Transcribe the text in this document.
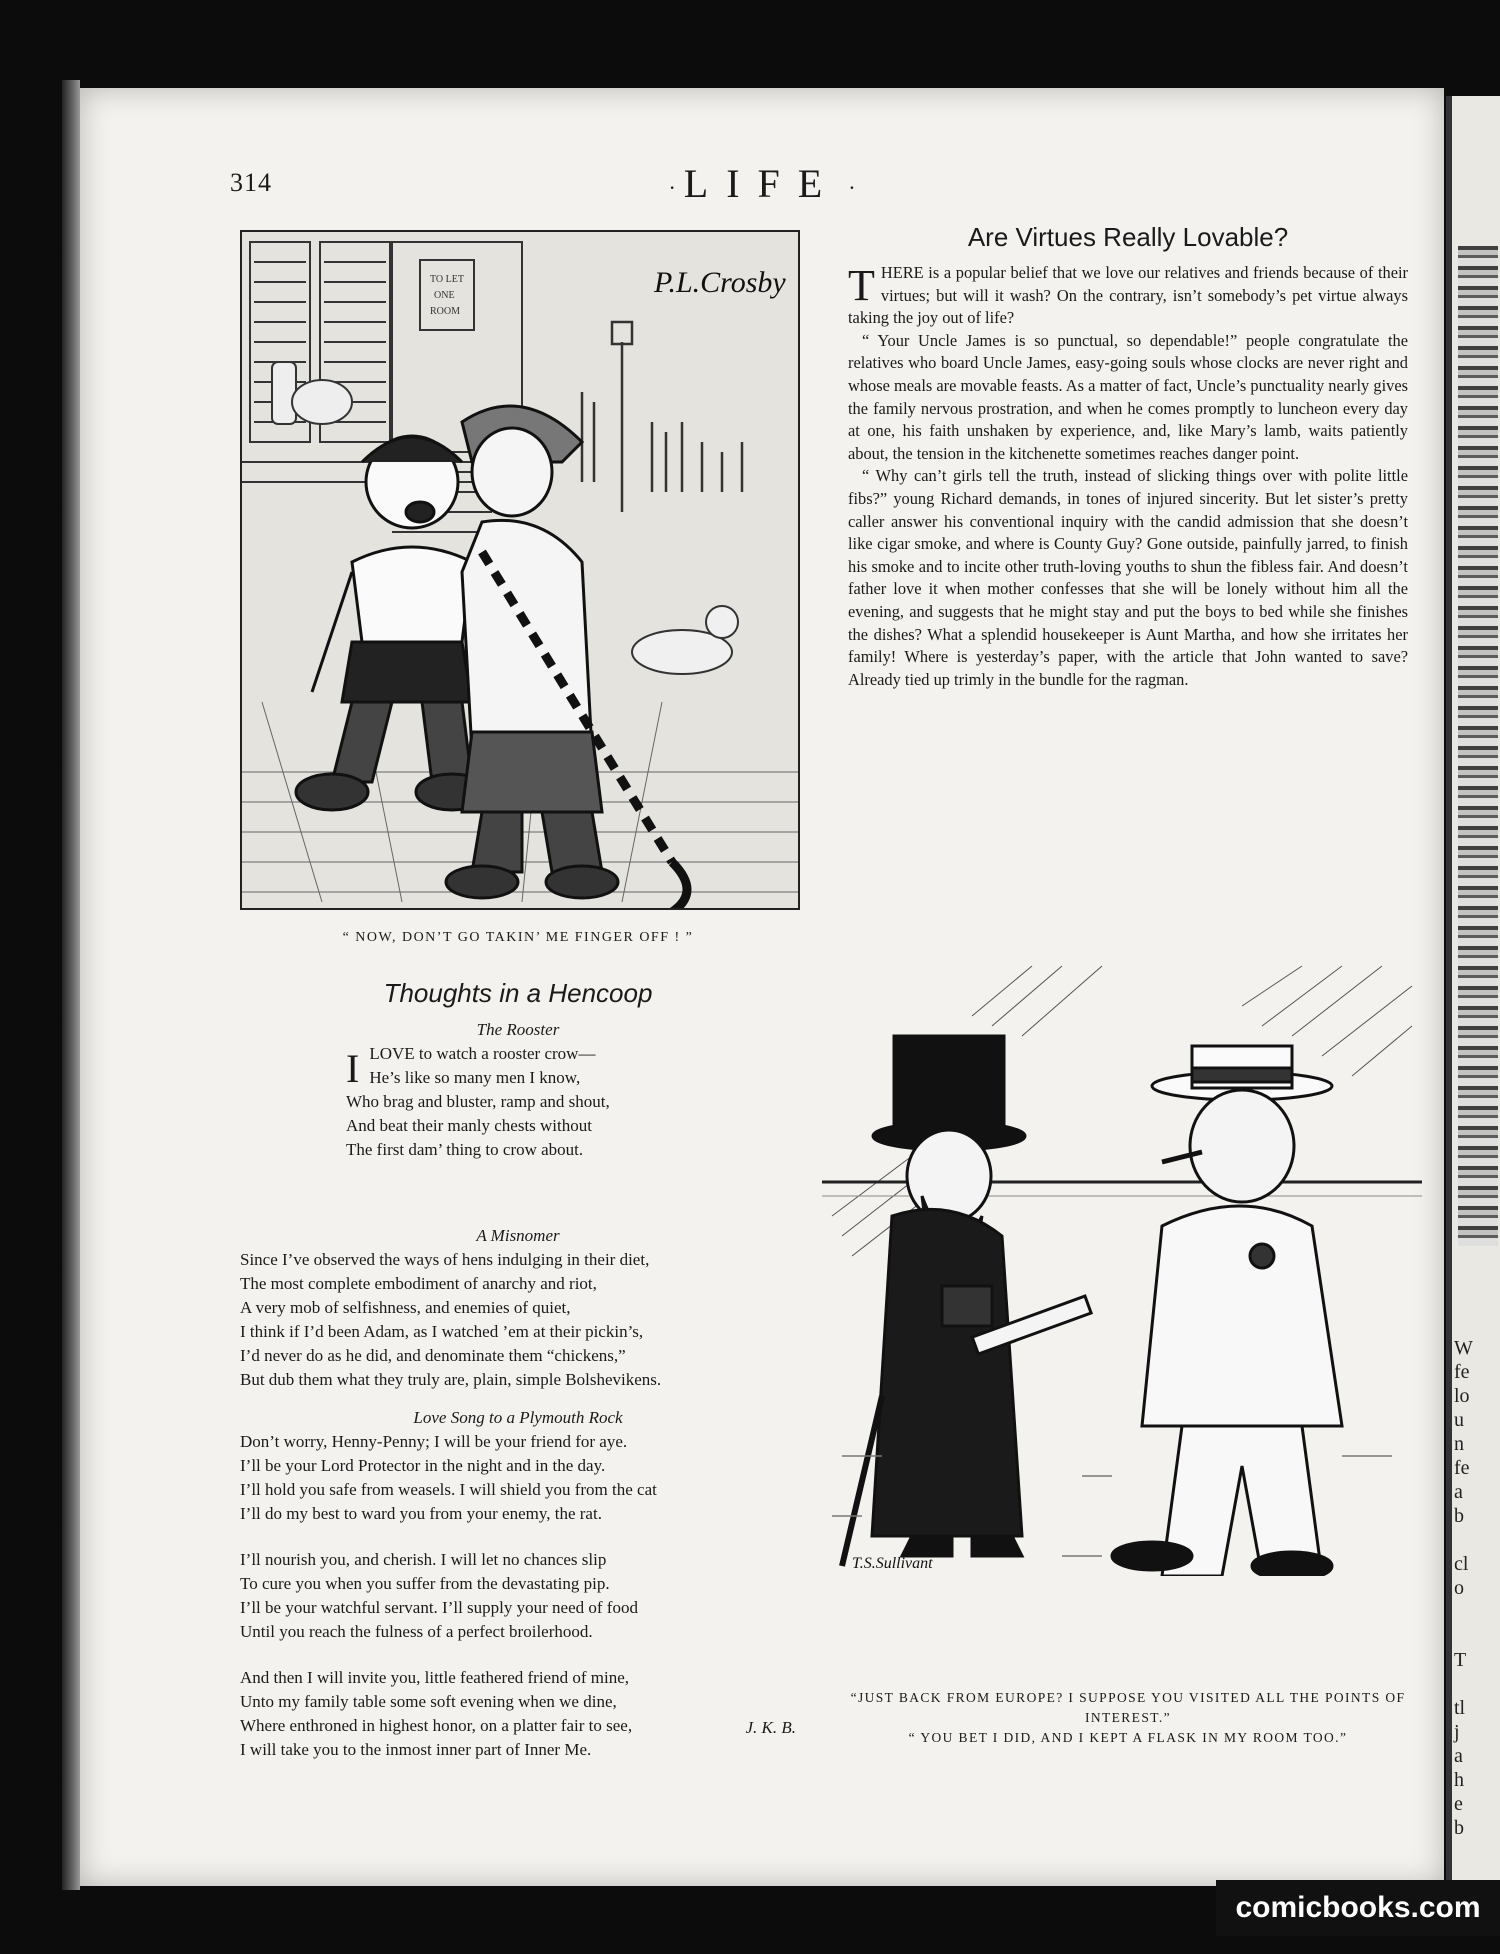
W
fe
lo
u
n
fe
a
b

cl
o

T

tl
j
a
h
e
b
314	· LIFE ·
TO LET
ONE
ROOM
P.L.Crosby
“ NOW, DON’T GO TAKIN’ ME FINGER OFF ! ”
Are Virtues Really Lovable?

THERE is a popular belief that we love our relatives and friends because of their virtues; but will it wash? On the contrary, isn’t somebody’s pet virtue always taking the joy out of life?

“ Your Uncle James is so punctual, so dependable!” people congratulate the relatives who board Uncle James, easy-going souls whose clocks are never right and whose meals are movable feasts. As a matter of fact, Uncle’s punctuality nearly gives the family nervous prostration, and when he comes promptly to luncheon every day at one, his faith unshaken by experience, and, like Mary’s lamb, waits patiently about, the tension in the kitchenette sometimes reaches danger point.

“ Why can’t girls tell the truth, instead of slicking things over with polite little fibs?” young Richard demands, in tones of injured sincerity. But let sister’s pretty caller answer his conventional inquiry with the candid admission that she doesn’t like cigar smoke, and where is County Guy? Gone outside, painfully jarred, to finish his smoke and to incite other truth-loving youths to shun the fibless fair. And doesn’t father love it when mother confesses that she will be lonely without him all the evening, and suggests that he might stay and put the boys to bed while she finishes the dishes? What a splendid housekeeper is Aunt Martha, and how she irritates her family! Where is yesterday’s paper, with the article that John wanted to save? Already tied up trimly in the bundle for the ragman.

Thoughts in a Hencoop
The Rooster
I LOVE to watch a rooster crow—
He’s like so many men I know,
Who brag and bluster, ramp and shout,
And beat their manly chests without
The first dam’ thing to crow about.
A Misnomer
Since I’ve observed the ways of hens indulging in their diet,
The most complete embodiment of anarchy and riot,
A very mob of selfishness, and enemies of quiet,
I think if I’d been Adam, as I watched ’em at their pickin’s,
I’d never do as he did, and denominate them “chickens,”
But dub them what they truly are, plain, simple Bolshevikens.
Love Song to a Plymouth Rock
Don’t worry, Henny-Penny; I will be your friend for aye.
I’ll be your Lord Protector in the night and in the day.
I’ll hold you safe from weasels. I will shield you from the cat
I’ll do my best to ward you from your enemy, the rat.
I’ll nourish you, and cherish. I will let no chances slip
To cure you when you suffer from the devastating pip.
I’ll be your watchful servant. I’ll supply your need of food
Until you reach the fulness of a perfect broilerhood.
And then I will invite you, little feathered friend of mine,
Unto my family table some soft evening when we dine,
Where enthroned in highest honor, on a platter fair to see,
I will take you to the inmost inner part of Inner Me.
J. K. B.
T.S.Sullivant
“JUST BACK FROM EUROPE? I SUPPOSE YOU VISITED ALL THE POINTS OF INTEREST.”
“ YOU BET I DID, AND I KEPT A FLASK IN MY ROOM TOO.”
comicbooks.com
